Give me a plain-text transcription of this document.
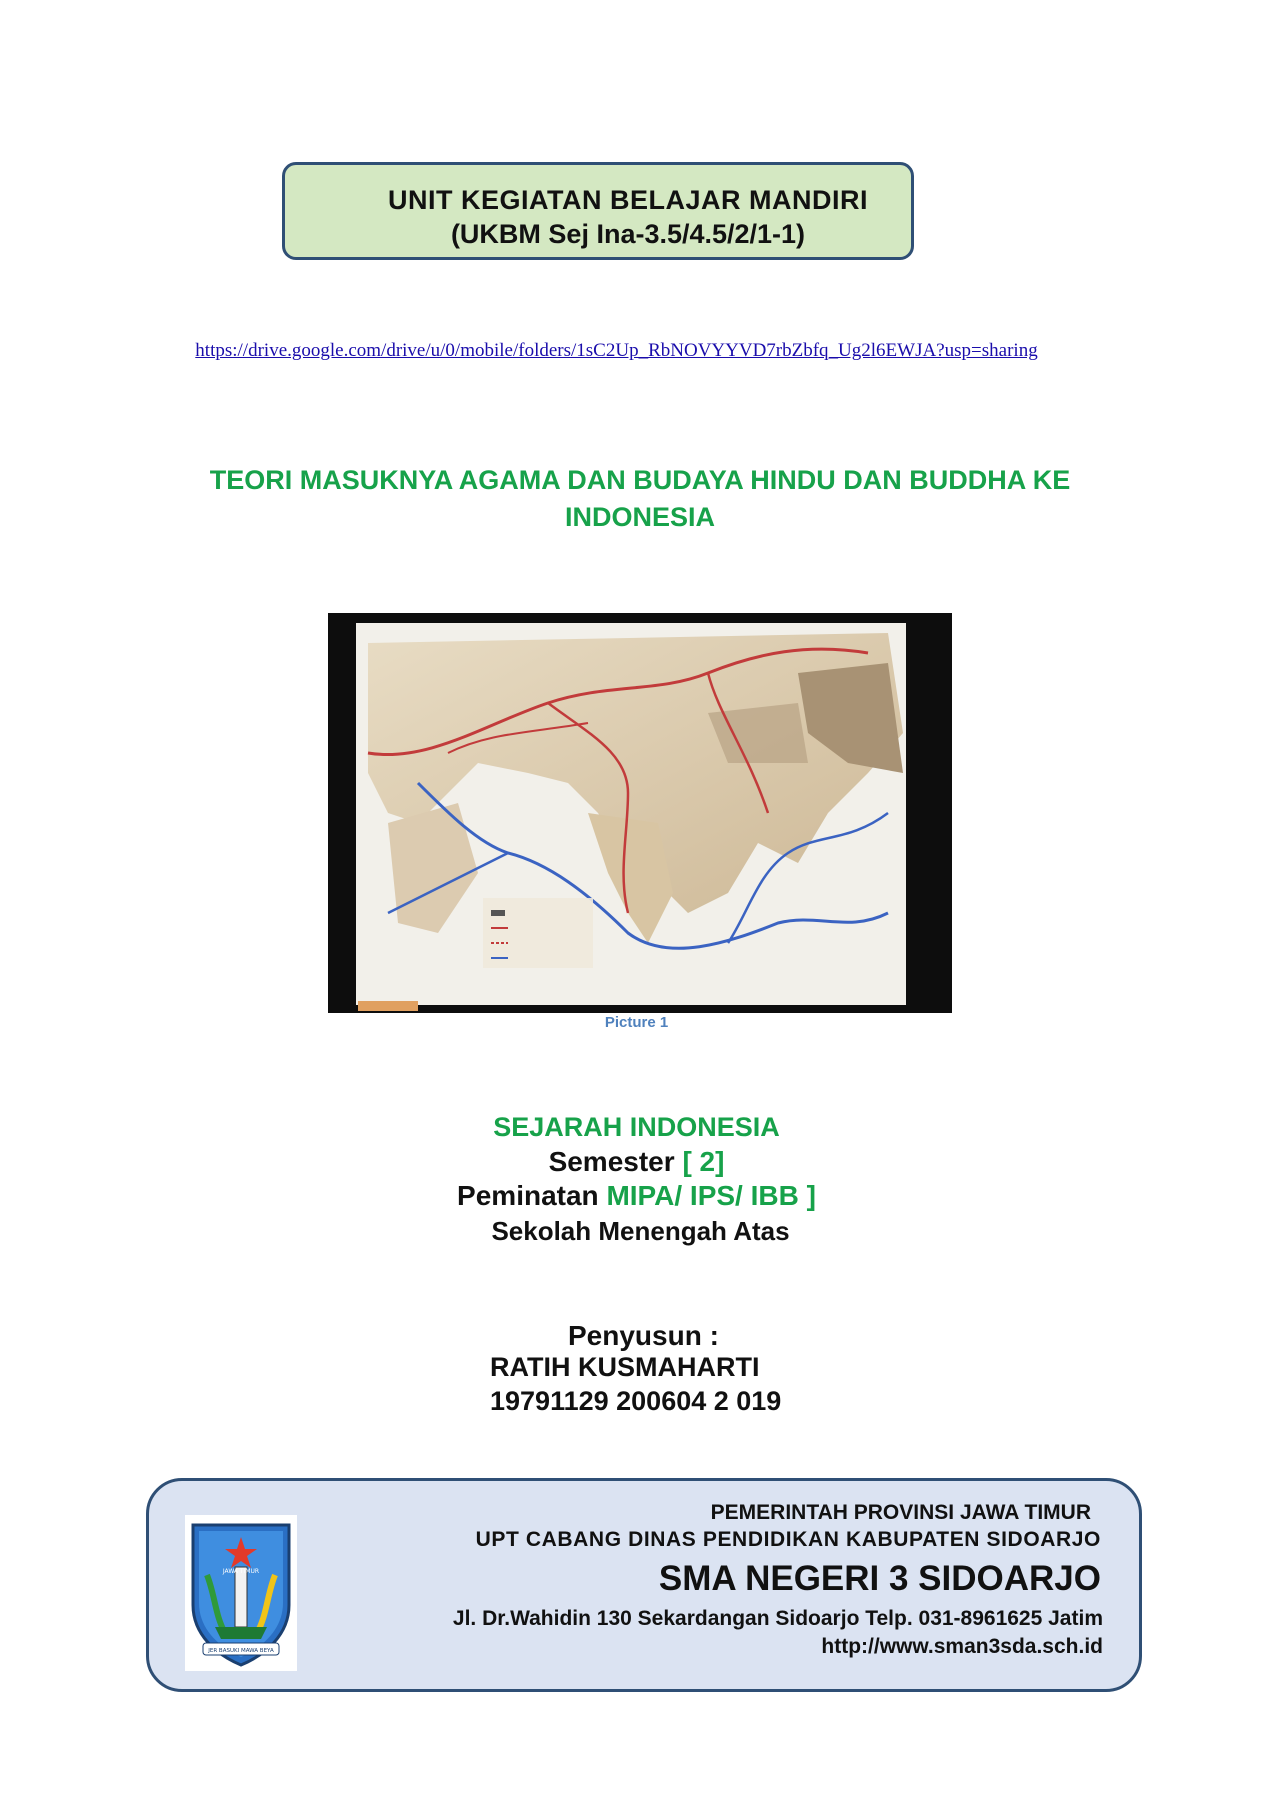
UNIT KEGIATAN BELAJAR MANDIRI
(UKBM Sej Ina-3.5/4.5/2/1-1)
https://drive.google.com/drive/u/0/mobile/folders/1sC2Up_RbNOVYYVD7rbZbfq_Ug2l6EWJA?usp=sharing
TEORI MASUKNYA AGAMA DAN BUDAYA HINDU DAN BUDDHA KE INDONESIA
Picture 1
SEJARAH INDONESIA
Semester [ 2]
Peminatan MIPA/ IPS/ IBB ]
Sekolah Menengah Atas
Penyusun :
RATIH KUSMAHARTI
19791129 200604 2 019
JAWA TIMUR
JER BASUKI MAWA BEYA
PEMERINTAH PROVINSI JAWA TIMUR
UPT CABANG DINAS PENDIDIKAN KABUPATEN SIDOARJO
SMA NEGERI 3 SIDOARJO
Jl. Dr.Wahidin 130 Sekardangan Sidoarjo Telp. 031-8961625 Jatim
http://www.sman3sda.sch.id
